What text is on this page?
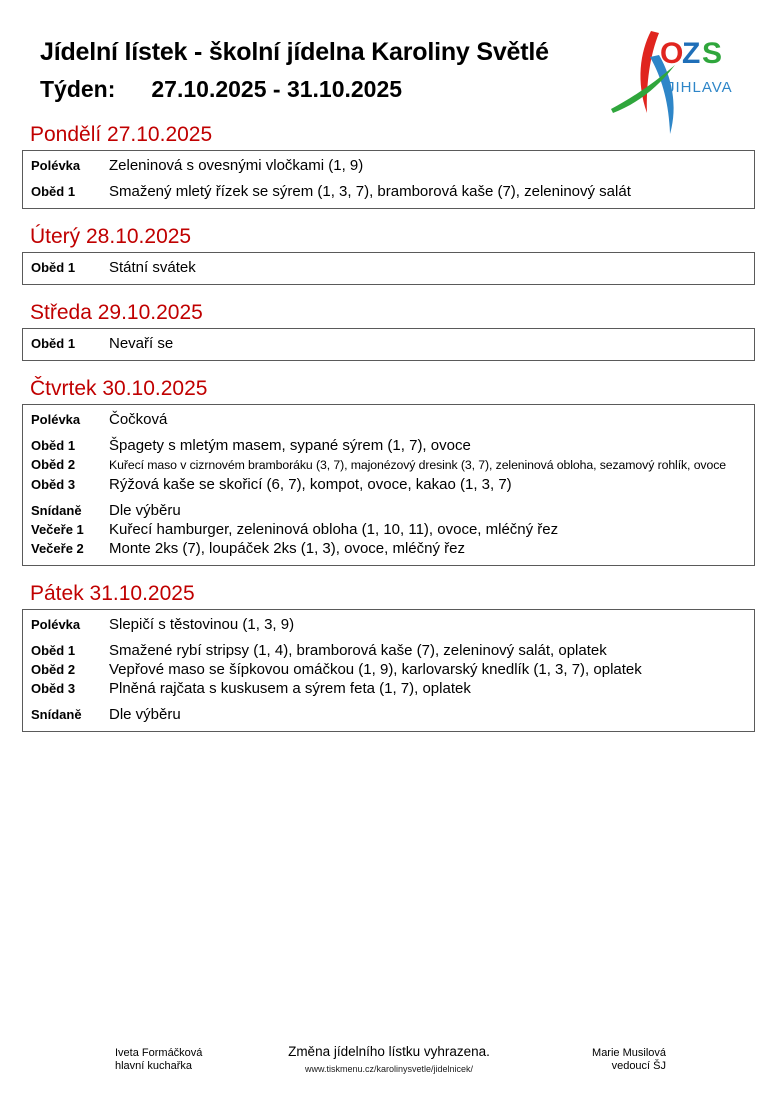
Jídelní lístek - školní jídelna Karoliny Světlé
Týden: 27.10.2025 - 31.10.2025
O
Z S
JIHLAVA
Pondělí 27.10.2025
Polévka	Zeleninová s ovesnými vločkami (1, 9)
Oběd 1	Smažený mletý řízek se sýrem (1, 3, 7), bramborová kaše (7), zeleninový salát
Úterý 28.10.2025
Oběd 1	Státní svátek
Středa 29.10.2025
Oběd 1	Nevaří se
Čtvrtek 30.10.2025
Polévka	Čočková
Oběd 1	Špagety s mletým masem, sypané sýrem (1, 7), ovoce
Oběd 2	Kuřecí maso v cizrnovém bramboráku (3, 7), majonézový dresink (3, 7), zeleninová obloha, sezamový rohlík, ovoce
Oběd 3	Rýžová kaše se skořicí (6, 7), kompot, ovoce, kakao (1, 3, 7)
Snídaně	Dle výběru
Večeře 1	Kuřecí hamburger, zeleninová obloha (1, 10, 11), ovoce, mléčný řez
Večeře 2	Monte 2ks (7), loupáček 2ks (1, 3), ovoce, mléčný řez
Pátek 31.10.2025
Polévka	Slepičí s těstovinou (1, 3, 9)
Oběd 1	Smažené rybí stripsy (1, 4), bramborová kaše (7), zeleninový salát, oplatek
Oběd 2	Vepřové maso se šípkovou omáčkou (1, 9), karlovarský knedlík (1, 3, 7), oplatek
Oběd 3	Plněná rajčata s kuskusem a sýrem feta (1, 7), oplatek
Snídaně	Dle výběru
Iveta Formáčková
hlavní kuchařka
Změna jídelního lístku vyhrazena.
www.tiskmenu.cz/karolinysvetle/jidelnicek/
Marie Musilová
vedoucí ŠJ
